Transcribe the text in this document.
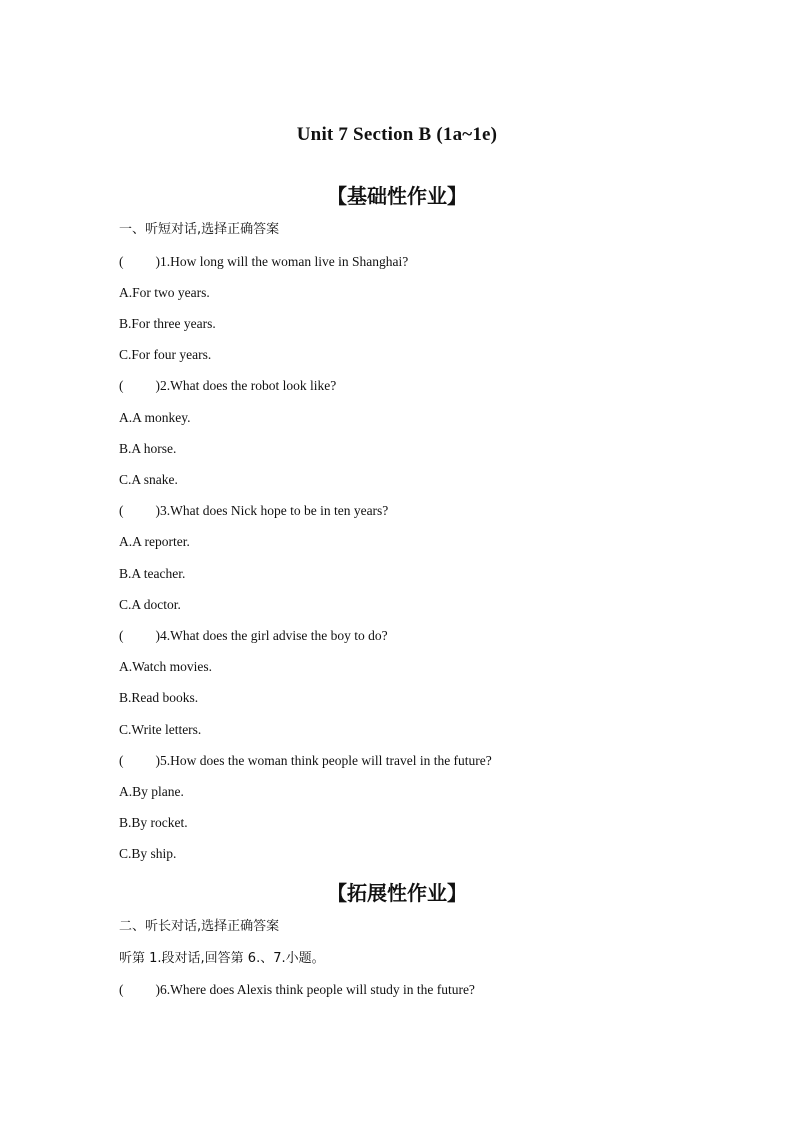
Unit 7 Section B (1a~1e)
【基础性作业】
一、听短对话,选择正确答案
( )1.How long will the woman live in Shanghai?
A.For two years.
B.For three years.
C.For four years.
( )2.What does the robot look like?
A.A monkey.
B.A horse.
C.A snake.
( )3.What does Nick hope to be in ten years?
A.A reporter.
B.A teacher.
C.A doctor.
( )4.What does the girl advise the boy to do?
A.Watch movies.
B.Read books.
C.Write letters.
( )5.How does the woman think people will travel in the future?
A.By plane.
B.By rocket.
C.By ship.
【拓展性作业】
二、听长对话,选择正确答案
听第 1.段对话,回答第 6.、7.小题。
( )6.Where does Alexis think people will study in the future?
